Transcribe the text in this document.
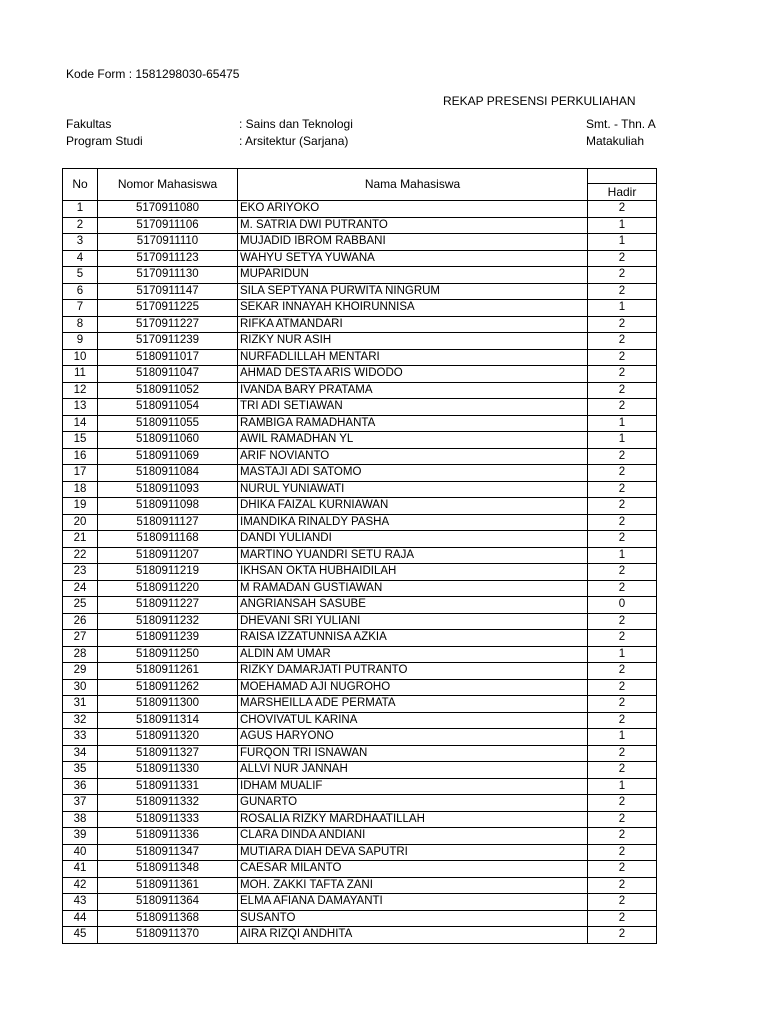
Kode Form : 1581298030-65475
REKAP PRESENSI PERKULIAHAN
Fakultas	: Sains dan Teknologi	Smt. - Thn. A
Program Studi	: Arsitektur (Sarjana)	Matakuliah
No	Nomor Mahasiswa	Nama Mahasiswa	Hadir

1	5170911080	EKO ARIYOKO	2
2	5170911106	M. SATRIA DWI PUTRANTO	1
3	5170911110	MUJADID IBROM RABBANI	1
4	5170911123	WAHYU SETYA YUWANA	2
5	5170911130	MUPARIDUN	2
6	5170911147	SILA SEPTYANA PURWITA NINGRUM	2
7	5170911225	SEKAR INNAYAH KHOIRUNNISA	1
8	5170911227	RIFKA ATMANDARI	2
9	5170911239	RIZKY NUR ASIH	2
10	5180911017	NURFADLILLAH MENTARI	2
11	5180911047	AHMAD DESTA ARIS WIDODO	2
12	5180911052	IVANDA BARY PRATAMA	2
13	5180911054	TRI ADI SETIAWAN	2
14	5180911055	RAMBIGA RAMADHANTA	1
15	5180911060	AWIL RAMADHAN YL	1
16	5180911069	ARIF NOVIANTO	2
17	5180911084	MASTAJI ADI SATOMO	2
18	5180911093	NURUL YUNIAWATI	2
19	5180911098	DHIKA FAIZAL KURNIAWAN	2
20	5180911127	IMANDIKA RINALDY PASHA	2
21	5180911168	DANDI YULIANDI	2
22	5180911207	MARTINO YUANDRI SETU RAJA	1
23	5180911219	IKHSAN OKTA HUBHAIDILAH	2
24	5180911220	M RAMADAN GUSTIAWAN	2
25	5180911227	ANGRIANSAH SASUBE	0
26	5180911232	DHEVANI SRI YULIANI	2
27	5180911239	RAISA IZZATUNNISA AZKIA	2
28	5180911250	ALDIN AM UMAR	1
29	5180911261	RIZKY DAMARJATI PUTRANTO	2
30	5180911262	MOEHAMAD AJI NUGROHO	2
31	5180911300	MARSHEILLA ADE PERMATA	2
32	5180911314	CHOVIVATUL KARINA	2
33	5180911320	AGUS HARYONO	1
34	5180911327	FURQON TRI ISNAWAN	2
35	5180911330	ALLVI NUR JANNAH	2
36	5180911331	IDHAM MUALIF	1
37	5180911332	GUNARTO	2
38	5180911333	ROSALIA RIZKY MARDHAATILLAH	2
39	5180911336	CLARA DINDA ANDIANI	2
40	5180911347	MUTIARA DIAH DEVA SAPUTRI	2
41	5180911348	CAESAR MILANTO	2
42	5180911361	MOH. ZAKKI TAFTA ZANI	2
43	5180911364	ELMA AFIANA DAMAYANTI	2
44	5180911368	SUSANTO	2
45	5180911370	AIRA RIZQI ANDHITA	2
